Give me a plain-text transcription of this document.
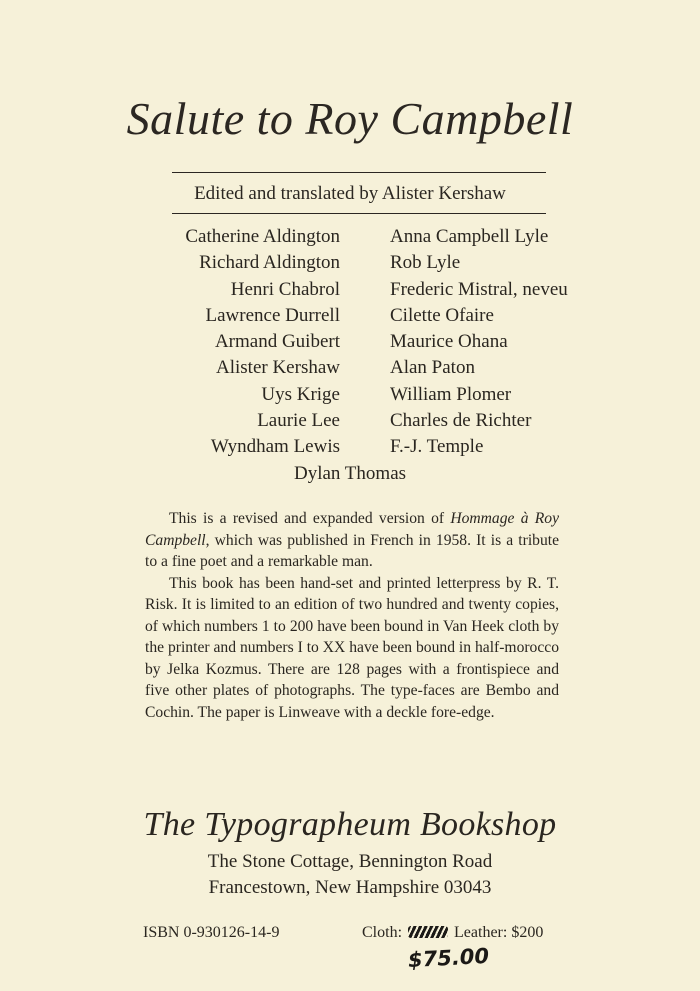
Salute to Roy Campbell
Edited and translated by Alister Kershaw
Catherine Aldington
Richard Aldington
Henri Chabrol
Lawrence Durrell
Armand Guibert
Alister Kershaw
Uys Krige
Laurie Lee
Wyndham Lewis
Anna Campbell Lyle
Rob Lyle
Frederic Mistral, neveu
Cilette Ofaire
Maurice Ohana
Alan Paton
William Plomer
Charles de Richter
F.-J. Temple
Dylan Thomas

This is a revised and expanded version of Hommage à Roy Campbell, which was published in French in 1958. It is a tribute to a fine poet and a remarkable man.

This book has been hand-set and printed letterpress by R. T. Risk. It is limited to an edition of two hundred and twenty copies, of which numbers 1 to 200 have been bound in Van Heek cloth by the printer and numbers I to XX have been bound in half-morocco by Jelka Kozmus. There are 128 pages with a frontispiece and five other plates of photographs. The type-faces are Bembo and Cochin. The paper is Linweave with a deckle fore-edge.

The Typographeum Bookshop
The Stone Cottage, Bennington Road
Francestown, New Hampshire 03043
ISBN 0-930126-14-9	Cloth:	Leather: $200
$75.00
